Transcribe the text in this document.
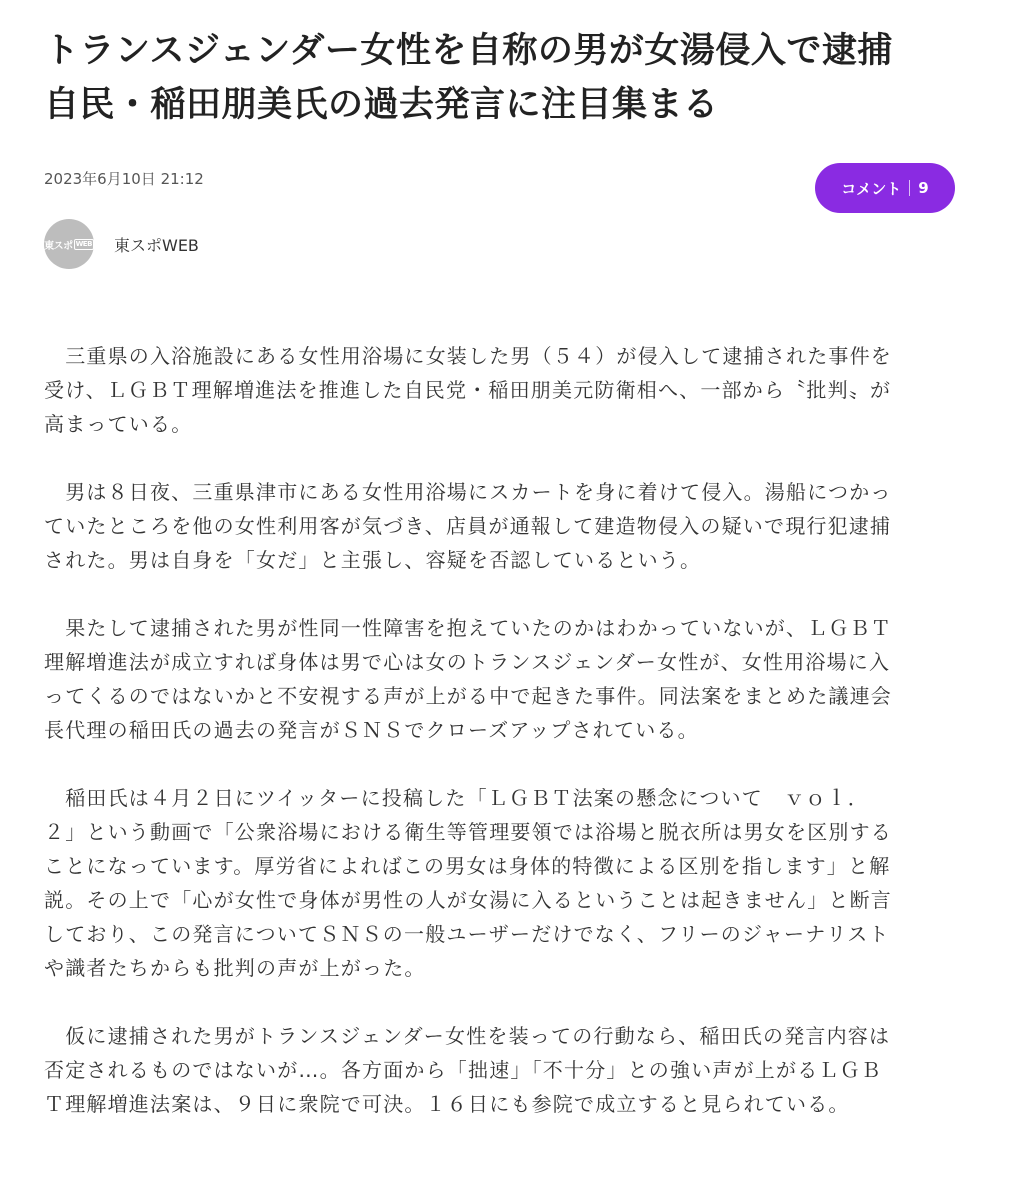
トランスジェンダー女性を自称の男が女湯侵入で逮捕
自民・稲田朋美氏の過去発言に注目集まる
2023年6月10日 21:12
コメント 9
東スポ WEB 東スポWEB

　三重県の入浴施設にある女性用浴場に女装した男（５４）が侵入して逮捕された事件を
受け、ＬＧＢＴ理解増進法を推進した自民党・稲田朋美元防衛相へ、一部から〝批判〟が
高まっている。

　男は８日夜、三重県津市にある女性用浴場にスカートを身に着けて侵入。湯船につかっ
ていたところを他の女性利用客が気づき、店員が通報して建造物侵入の疑いで現行犯逮捕
された。男は自身を「女だ」と主張し、容疑を否認しているという。

　果たして逮捕された男が性同一性障害を抱えていたのかはわかっていないが、ＬＧＢＴ
理解増進法が成立すれば身体は男で心は女のトランスジェンダー女性が、女性用浴場に入
ってくるのではないかと不安視する声が上がる中で起きた事件。同法案をまとめた議連会
長代理の稲田氏の過去の発言がＳＮＳでクローズアップされている。

　稲田氏は４月２日にツイッターに投稿した「ＬＧＢＴ法案の懸念について　ｖｏｌ．
２」という動画で「公衆浴場における衛生等管理要領では浴場と脱衣所は男女を区別する
ことになっています。厚労省によればこの男女は身体的特徴による区別を指します」と解
説。その上で「心が女性で身体が男性の人が女湯に入るということは起きません」と断言
しており、この発言についてＳＮＳの一般ユーザーだけでなく、フリーのジャーナリスト
や識者たちからも批判の声が上がった。

　仮に逮捕された男がトランスジェンダー女性を装っての行動なら、稲田氏の発言内容は
否定されるものではないが…。各方面から「拙速」「不十分」との強い声が上がるＬＧＢ
Ｔ理解増進法案は、９日に衆院で可決。１６日にも参院で成立すると見られている。
